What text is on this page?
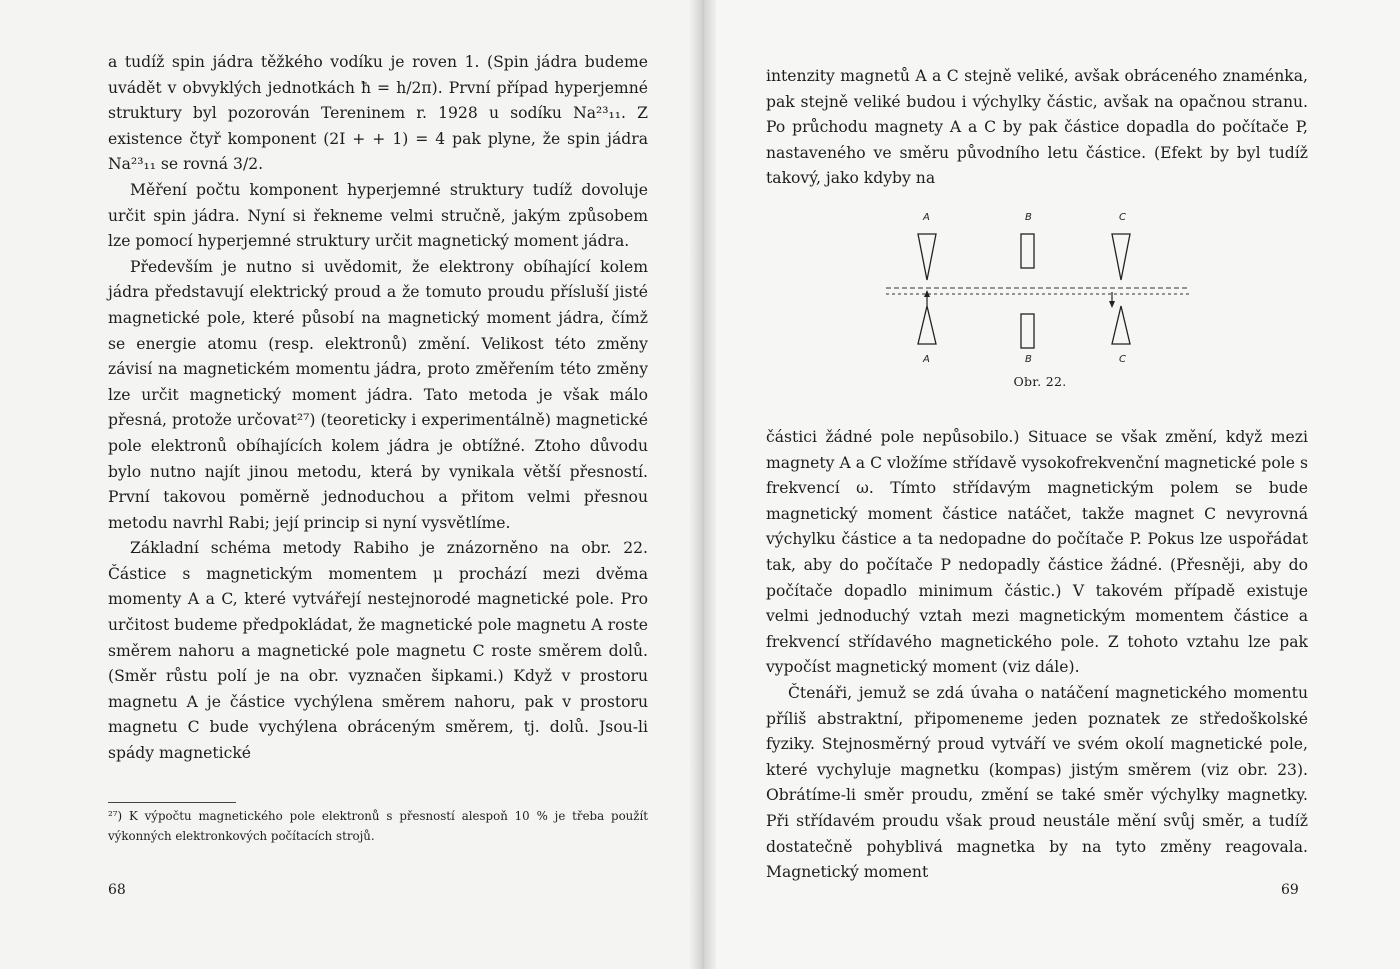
a tudíž spin jádra těžkého vodíku je roven 1. (Spin jádra budeme uvádět v obvyklých jednotkách ħ = h/2π). První případ hyperjemné struktury byl pozorován Tereninem r. 1928 u sodíku Na²³₁₁. Z existence čtyř komponent (2I + + 1) = 4 pak plyne, že spin jádra Na²³₁₁ se rovná 3/2.

Měření počtu komponent hyperjemné struktury tudíž dovoluje určit spin jádra. Nyní si řekneme velmi stručně, jakým způsobem lze pomocí hyperjemné struktury určit magnetický moment jádra.

Především je nutno si uvědomit, že elektrony obíhající kolem jádra představují elektrický proud a že tomuto proudu přísluší jisté magnetické pole, které působí na magnetický moment jádra, čímž se energie atomu (resp. elektronů) změní. Velikost této změny závisí na magnetickém momentu jádra, proto změřením této změny lze určit magnetický moment jádra. Tato metoda je však málo přesná, protože určovat²⁷) (teoreticky i experimentálně) magnetické pole elektronů obíhajících kolem jádra je obtížné. Ztoho důvodu bylo nutno najít jinou metodu, která by vynikala větší přesností. První takovou poměrně jednoduchou a přitom velmi přesnou metodu navrhl Rabi; její princip si nyní vysvětlíme.

Základní schéma metody Rabiho je znázorněno na obr. 22. Částice s magnetickým momentem μ prochází mezi dvěma momenty A a C, které vytvářejí nestejnorodé magnetické pole. Pro určitost budeme předpokládat, že magnetické pole magnetu A roste směrem nahoru a magnetické pole magnetu C roste směrem dolů. (Směr růstu polí je na obr. vyznačen šipkami.) Když v prostoru magnetu A je částice vychýlena směrem nahoru, pak v prostoru magnetu C bude vychýlena obráceným směrem, tj. dolů. Jsou-li spády magnetické

²⁷) K výpočtu magnetického pole elektronů s přesností alespoň 10 % je třeba použít výkonných elektronkových počítacích strojů.
68

intenzity magnetů A a C stejně veliké, avšak obráceného znaménka, pak stejně veliké budou i výchylky částic, avšak na opačnou stranu. Po průchodu magnety A a C by pak částice dopadla do počítače P, nastaveného ve směru původního letu částice. (Efekt by byl tudíž takový, jako kdyby na

A	B	C
A	B	C
Obr. 22.

částici žádné pole nepůsobilo.) Situace se však změní, když mezi magnety A a C vložíme střídavě vysokofrekvenční magnetické pole s frekvencí ω. Tímto střídavým magnetickým polem se bude magnetický moment částice natáčet, takže magnet C nevyrovná výchylku částice a ta nedopadne do počítače P. Pokus lze uspořádat tak, aby do počítače P nedopadly částice žádné. (Přesněji, aby do počítače dopadlo minimum částic.) V takovém případě existuje velmi jednoduchý vztah mezi magnetickým momentem částice a frekvencí střídavého magnetického pole. Z tohoto vztahu lze pak vypočíst magnetický moment (viz dále).

Čtenáři, jemuž se zdá úvaha o natáčení magnetického momentu příliš abstraktní, připomeneme jeden poznatek ze středoškolské fyziky. Stejnosměrný proud vytváří ve svém okolí magnetické pole, které vychyluje magnetku (kompas) jistým směrem (viz obr. 23). Obrátíme-li směr proudu, změní se také směr výchylky magnetky. Při střídavém proudu však proud neustále mění svůj směr, a tudíž dostatečně pohyblivá magnetka by na tyto změny reagovala. Magnetický moment

69
